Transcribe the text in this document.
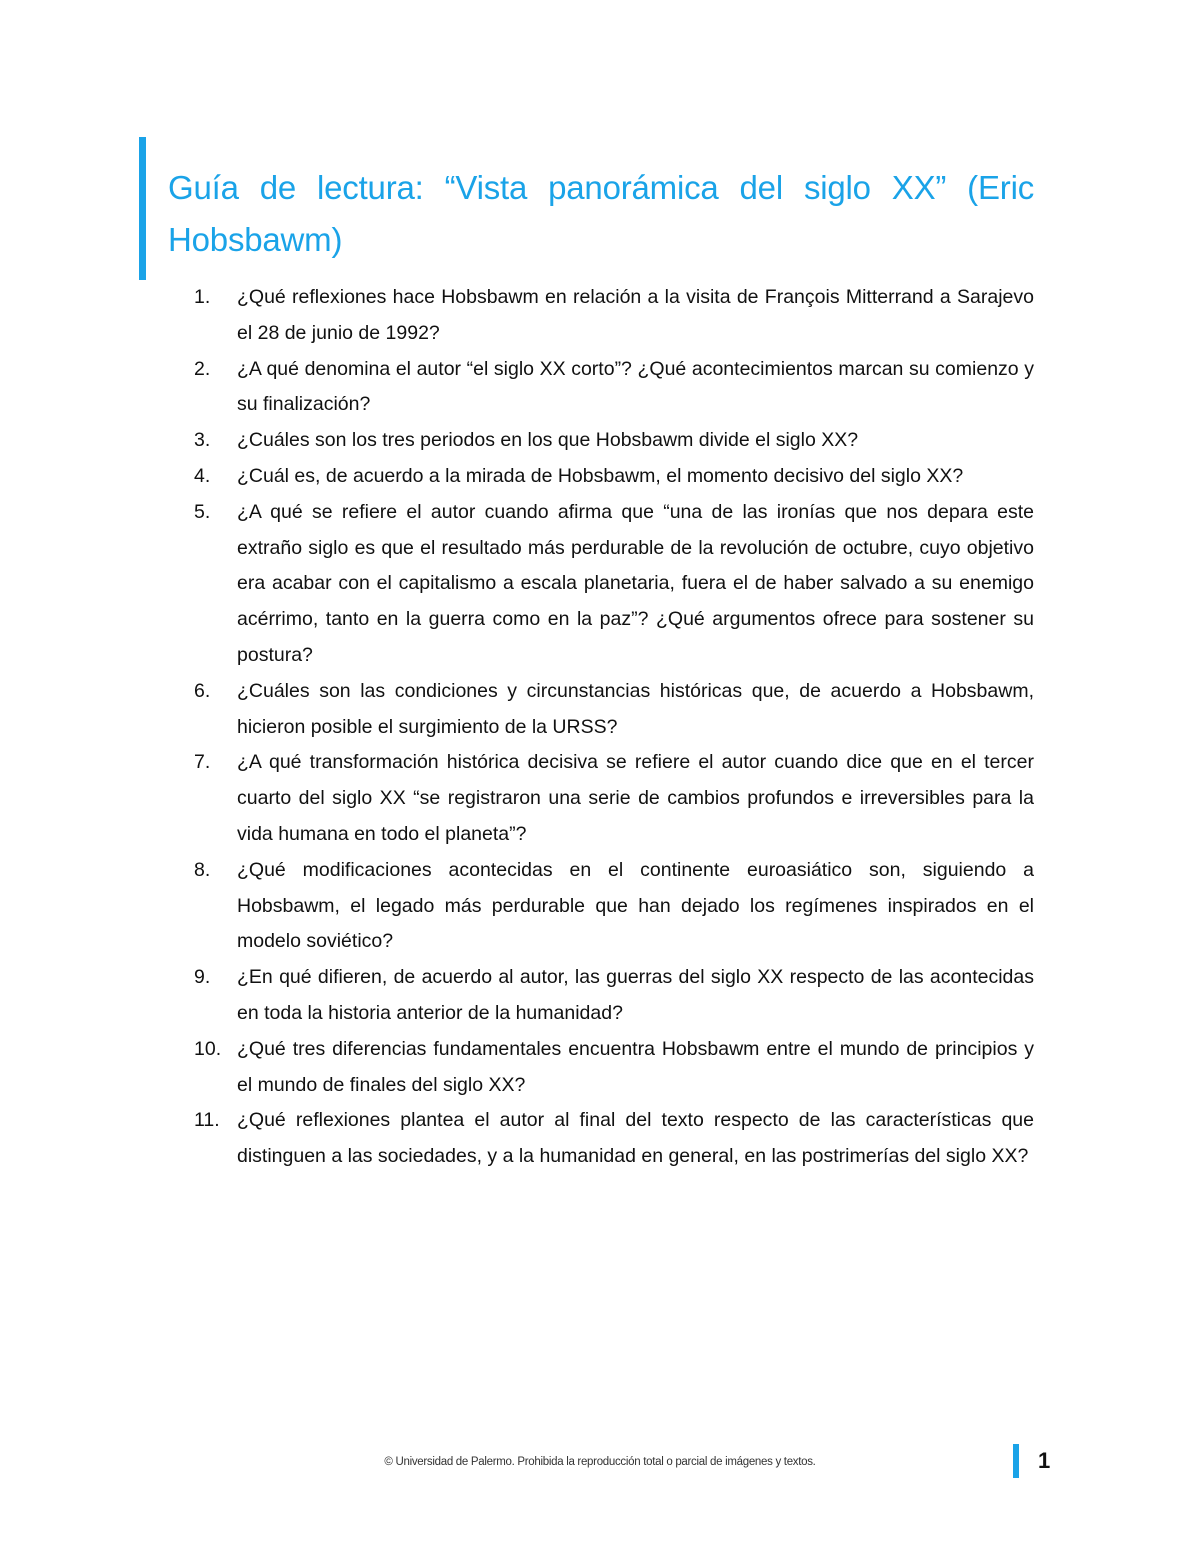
Guía de lectura: “Vista panorámica del siglo XX” (Eric Hobsbawm)
1.	¿Qué reflexiones hace Hobsbawm en relación a la visita de François Mitterrand a Sarajevo el 28 de junio de 1992?
2.	¿A qué denomina el autor “el siglo XX corto”? ¿Qué acontecimientos marcan su comienzo y su finalización?
3.	¿Cuáles son los tres periodos en los que Hobsbawm divide el siglo XX?
4.	¿Cuál es, de acuerdo a la mirada de Hobsbawm, el momento decisivo del siglo XX?
5.	¿A qué se refiere el autor cuando afirma que “una de las ironías que nos depara este extraño siglo es que el resultado más perdurable de la revolución de octubre, cuyo objetivo era acabar con el capitalismo a escala planetaria, fuera el de haber salvado a su enemigo acérrimo, tanto en la guerra como en la paz”? ¿Qué argumentos ofrece para sostener su postura?
6.	¿Cuáles son las condiciones y circunstancias históricas que, de acuerdo a Hobsbawm, hicieron posible el surgimiento de la URSS?
7.	¿A qué transformación histórica decisiva se refiere el autor cuando dice que en el tercer cuarto del siglo XX “se registraron una serie de cambios profundos e irreversibles para la vida humana en todo el planeta”?
8.	¿Qué modificaciones acontecidas en el continente euroasiático son, siguiendo a Hobsbawm, el legado más perdurable que han dejado los regímenes inspirados en el modelo soviético?
9.	¿En qué difieren, de acuerdo al autor, las guerras del siglo XX respecto de las acontecidas en toda la historia anterior de la humanidad?
10. ¿Qué tres diferencias fundamentales encuentra Hobsbawm entre el mundo de principios y el mundo de finales del siglo XX?
11. ¿Qué reflexiones plantea el autor al final del texto respecto de las características que distinguen a las sociedades, y a la humanidad en general, en las postrimerías del siglo XX?
© Universidad de Palermo. Prohibida la reproducción total o parcial de imágenes y textos.	1
